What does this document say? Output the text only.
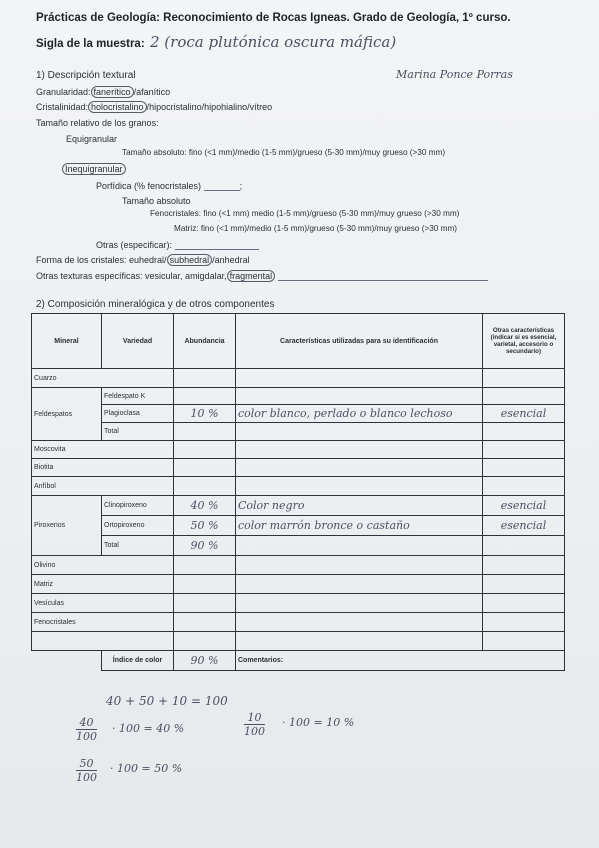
Prácticas de Geología: Reconocimiento de Rocas Igneas. Grado de Geología, 1º curso.
Sigla de la muestra: 2 (roca plutónica oscura máfica)
Marina Ponce Porras
1) Descripción textural
Granularidad: fanerítico /afanítico
Cristalinidad: holocristalino /hipocristalino/hipohialino/vítreo
Tamaño relativo de los granos:
Equigranular
Tamaño absoluto: fino (<1 mm)/medio (1-5 mm)/grueso (5-30 mm)/muy grueso (>30 mm)
Inequigranular
Porfídica (% fenocristales)	;
Tamaño absoluto
Fenocristales: fino (<1 mm) medio (1-5 mm)/grueso (5-30 mm)/muy grueso (>30 mm)
Matriz: fino (<1 mm)/medio (1-5 mm)/grueso (5-30 mm)/muy grueso (>30 mm)
Otras (especificar):
Forma de los cristales: euhedral/ subhedral /anhedral
Otras texturas específicas: vesicular, amigdalar, fragmental
2) Composición mineralógica y de otros componentes
Mineral	Variedad	Abundancia	Características utilizadas para su identificación	Otras características (indicar si es esencial, varietal, accesorio o secundario)
Cuarzo				
Feldespatos	Feldespato K			
	Plagioclasa	10 %	color blanco, perlado o blanco lechoso	esencial
	Total			
Moscovita				
Biotita				
Anfíbol				
Piroxenos	Clinopiroxeno	40 %	Color negro	esencial
	Ortopiroxeno	50 %	color marrón bronce o castaño	esencial
	Total	90 %		
Olivino				
Matriz				
Vesículas				
Fenocristales				

	Índice de color	90 %	Comentarios:	
40 + 50 + 10 = 100
$\frac{40}{100} \cdot 100 = 40$ %	$\frac{10}{100} \cdot 100 = 10$ %
$\frac{50}{100} \cdot 100 = 50$ %
